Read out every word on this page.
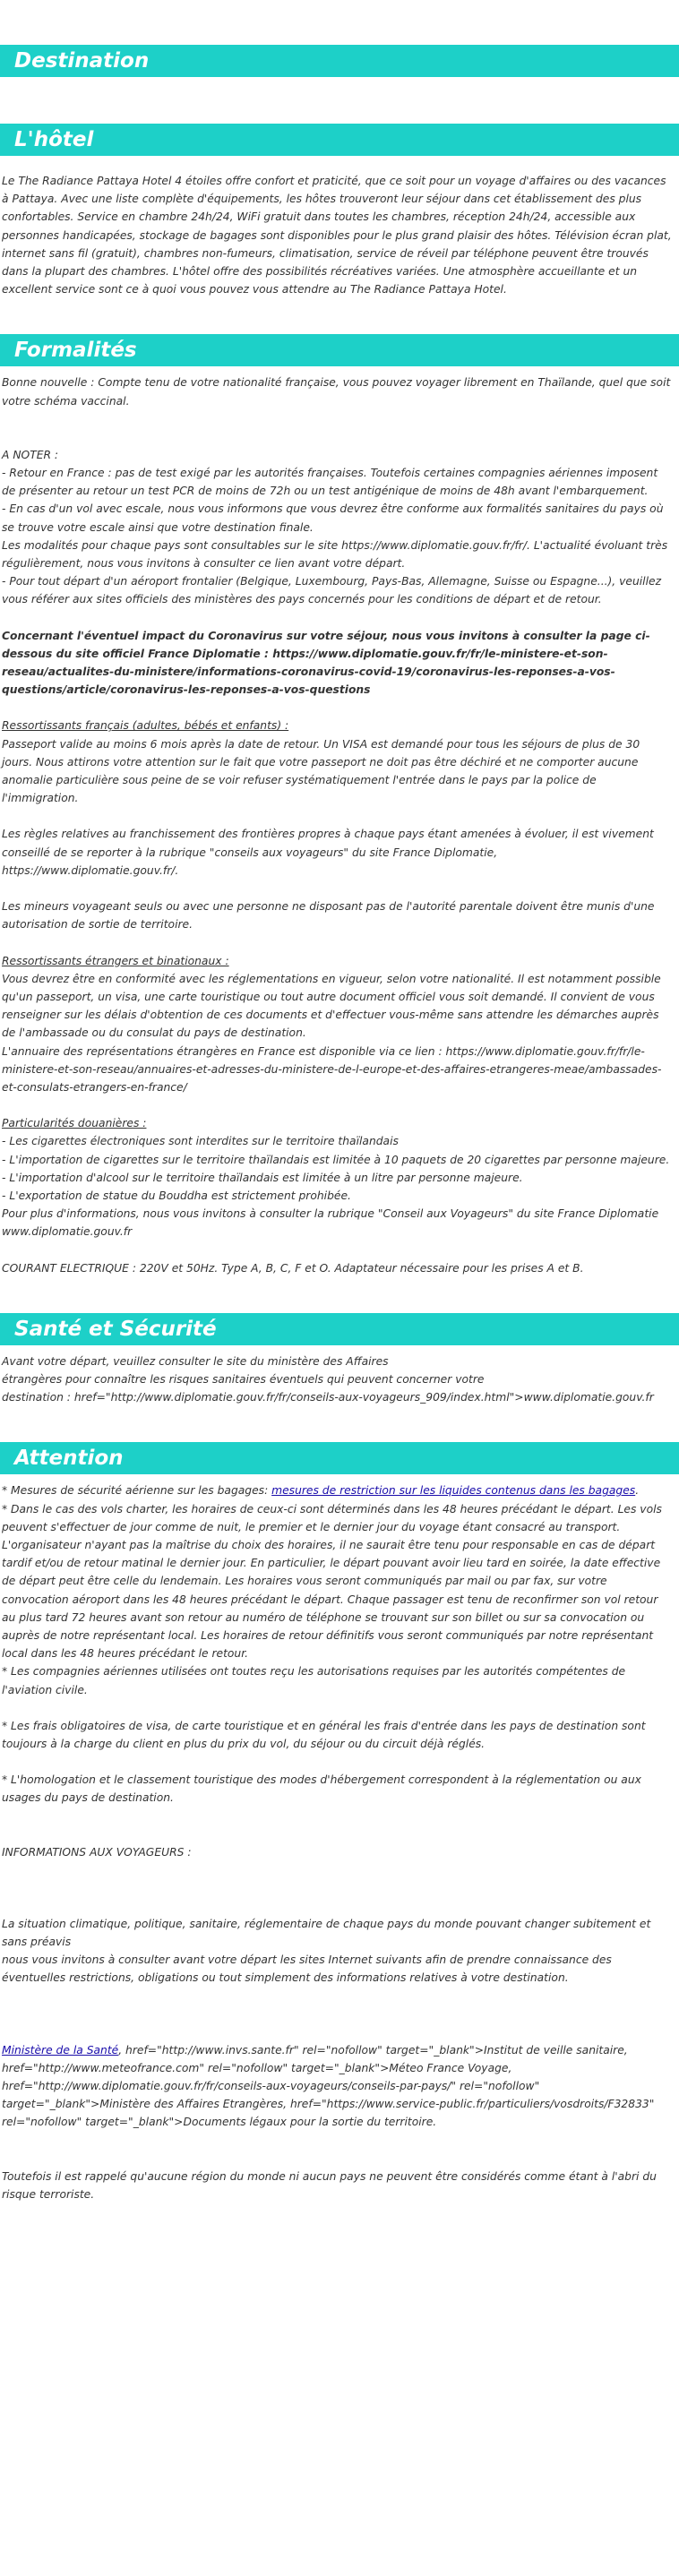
Destination
L'hôtel

Le The Radiance Pattaya Hotel 4 étoiles offre confort et praticité, que ce soit pour un voyage d'affaires ou des vacances à Pattaya. Avec une liste complète d'équipements, les hôtes trouveront leur séjour dans cet établissement des plus confortables. Service en chambre 24h/24, WiFi gratuit dans toutes les chambres, réception 24h/24, accessible aux personnes handicapées, stockage de bagages sont disponibles pour le plus grand plaisir des hôtes. Télévision écran plat, internet sans fil (gratuit), chambres non-fumeurs, climatisation, service de réveil par téléphone peuvent être trouvés dans la plupart des chambres. L'hôtel offre des possibilités récréatives variées. Une atmosphère accueillante et un excellent service sont ce à quoi vous pouvez vous attendre au The Radiance Pattaya Hotel.

Formalités

Bonne nouvelle : Compte tenu de votre nationalité française, vous pouvez voyager librement en Thaïlande, quel que soit votre schéma vaccinal.

A NOTER :

- Retour en France : pas de test exigé par les autorités françaises. Toutefois certaines compagnies aériennes imposent de présenter au retour un test PCR de moins de 72h ou un test antigénique de moins de 48h avant l'embarquement.

- En cas d'un vol avec escale, nous vous informons que vous devrez être conforme aux formalités sanitaires du pays où se trouve votre escale ainsi que votre destination finale.

Les modalités pour chaque pays sont consultables sur le site https://www.diplomatie.gouv.fr/fr/. L'actualité évoluant très régulièrement, nous vous invitons à consulter ce lien avant votre départ.

- Pour tout départ d'un aéroport frontalier (Belgique, Luxembourg, Pays-Bas, Allemagne, Suisse ou Espagne...), veuillez vous référer aux sites officiels des ministères des pays concernés pour les conditions de départ et de retour.

Concernant l'éventuel impact du Coronavirus sur votre séjour, nous vous invitons à consulter la page ci-dessous du site officiel France Diplomatie : https://www.diplomatie.gouv.fr/fr/le-ministere-et-son-reseau/actualites-du-ministere/informations-coronavirus-covid-19/coronavirus-les-reponses-a-vos-questions/article/coronavirus-les-reponses-a-vos-questions

Ressortissants français (adultes, bébés et enfants) :

Passeport valide au moins 6 mois après la date de retour. Un VISA est demandé pour tous les séjours de plus de 30 jours. Nous attirons votre attention sur le fait que votre passeport ne doit pas être déchiré et ne comporter aucune anomalie particulière sous peine de se voir refuser systématiquement l'entrée dans le pays par la police de l'immigration.

Les règles relatives au franchissement des frontières propres à chaque pays étant amenées à évoluer, il est vivement conseillé de se reporter à la rubrique "conseils aux voyageurs" du site France Diplomatie, https://www.diplomatie.gouv.fr/.

Les mineurs voyageant seuls ou avec une personne ne disposant pas de l'autorité parentale doivent être munis d'une autorisation de sortie de territoire.

Ressortissants étrangers et binationaux :

Vous devrez être en conformité avec les réglementations en vigueur, selon votre nationalité. Il est notamment possible qu'un passeport, un visa, une carte touristique ou tout autre document officiel vous soit demandé. Il convient de vous renseigner sur les délais d'obtention de ces documents et d'effectuer vous-même sans attendre les démarches auprès de l'ambassade ou du consulat du pays de destination.

L'annuaire des représentations étrangères en France est disponible via ce lien : https://www.diplomatie.gouv.fr/fr/le-ministere-et-son-reseau/annuaires-et-adresses-du-ministere-de-l-europe-et-des-affaires-etrangeres-meae/ambassades-et-consulats-etrangers-en-france/

Particularités douanières :

- Les cigarettes électroniques sont interdites sur le territoire thaïlandais

- L'importation de cigarettes sur le territoire thaïlandais est limitée à 10 paquets de 20 cigarettes par personne majeure.

- L'importation d'alcool sur le territoire thaïlandais est limitée à un litre par personne majeure.

- L'exportation de statue du Bouddha est strictement prohibée.

Pour plus d'informations, nous vous invitons à consulter la rubrique "Conseil aux Voyageurs" du site France Diplomatie www.diplomatie.gouv.fr

COURANT ELECTRIQUE : 220V et 50Hz. Type A, B, C, F et O. Adaptateur nécessaire pour les prises A et B.

Santé et Sécurité

Avant votre départ, veuillez consulter le site du ministère des Affaires

étrangères pour connaître les risques sanitaires éventuels qui peuvent concerner votre

destination : href="http://www.diplomatie.gouv.fr/fr/conseils-aux-voyageurs_909/index.html">www.diplomatie.gouv.fr

Attention

* Mesures de sécurité aérienne sur les bagages: mesures de restriction sur les liquides contenus dans les bagages.

* Dans le cas des vols charter, les horaires de ceux-ci sont déterminés dans les 48 heures précédant le départ. Les vols peuvent s'effectuer de jour comme de nuit, le premier et le dernier jour du voyage étant consacré au transport. L'organisateur n'ayant pas la maîtrise du choix des horaires, il ne saurait être tenu pour responsable en cas de départ tardif et/ou de retour matinal le dernier jour. En particulier, le départ pouvant avoir lieu tard en soirée, la date effective de départ peut être celle du lendemain. Les horaires vous seront communiqués par mail ou par fax, sur votre convocation aéroport dans les 48 heures précédant le départ. Chaque passager est tenu de reconfirmer son vol retour au plus tard 72 heures avant son retour au numéro de téléphone se trouvant sur son billet ou sur sa convocation ou auprès de notre représentant local. Les horaires de retour définitifs vous seront communiqués par notre représentant local dans les 48 heures précédant le retour.

* Les compagnies aériennes utilisées ont toutes reçu les autorisations requises par les autorités compétentes de l'aviation civile.

* Les frais obligatoires de visa, de carte touristique et en général les frais d'entrée dans les pays de destination sont toujours à la charge du client en plus du prix du vol, du séjour ou du circuit déjà réglés.

* L'homologation et le classement touristique des modes d'hébergement correspondent à la réglementation ou aux usages du pays de destination.

INFORMATIONS AUX VOYAGEURS :

La situation climatique, politique, sanitaire, réglementaire de chaque pays du monde pouvant changer subitement et sans préavis

nous vous invitons à consulter avant votre départ les sites Internet suivants afin de prendre connaissance des éventuelles restrictions, obligations ou tout simplement des informations relatives à votre destination.

Ministère de la Santé, href="http://www.invs.sante.fr" rel="nofollow" target="_blank">Institut de veille sanitaire, href="http://www.meteofrance.com" rel="nofollow" target="_blank">Méteo France Voyage, href="http://www.diplomatie.gouv.fr/fr/conseils-aux-voyageurs/conseils-par-pays/" rel="nofollow" target="_blank">Ministère des Affaires Etrangères, href="https://www.service-public.fr/particuliers/vosdroits/F32833" rel="nofollow" target="_blank">Documents légaux pour la sortie du territoire.

Toutefois il est rappelé qu'aucune région du monde ni aucun pays ne peuvent être considérés comme étant à l'abri du risque terroriste.
